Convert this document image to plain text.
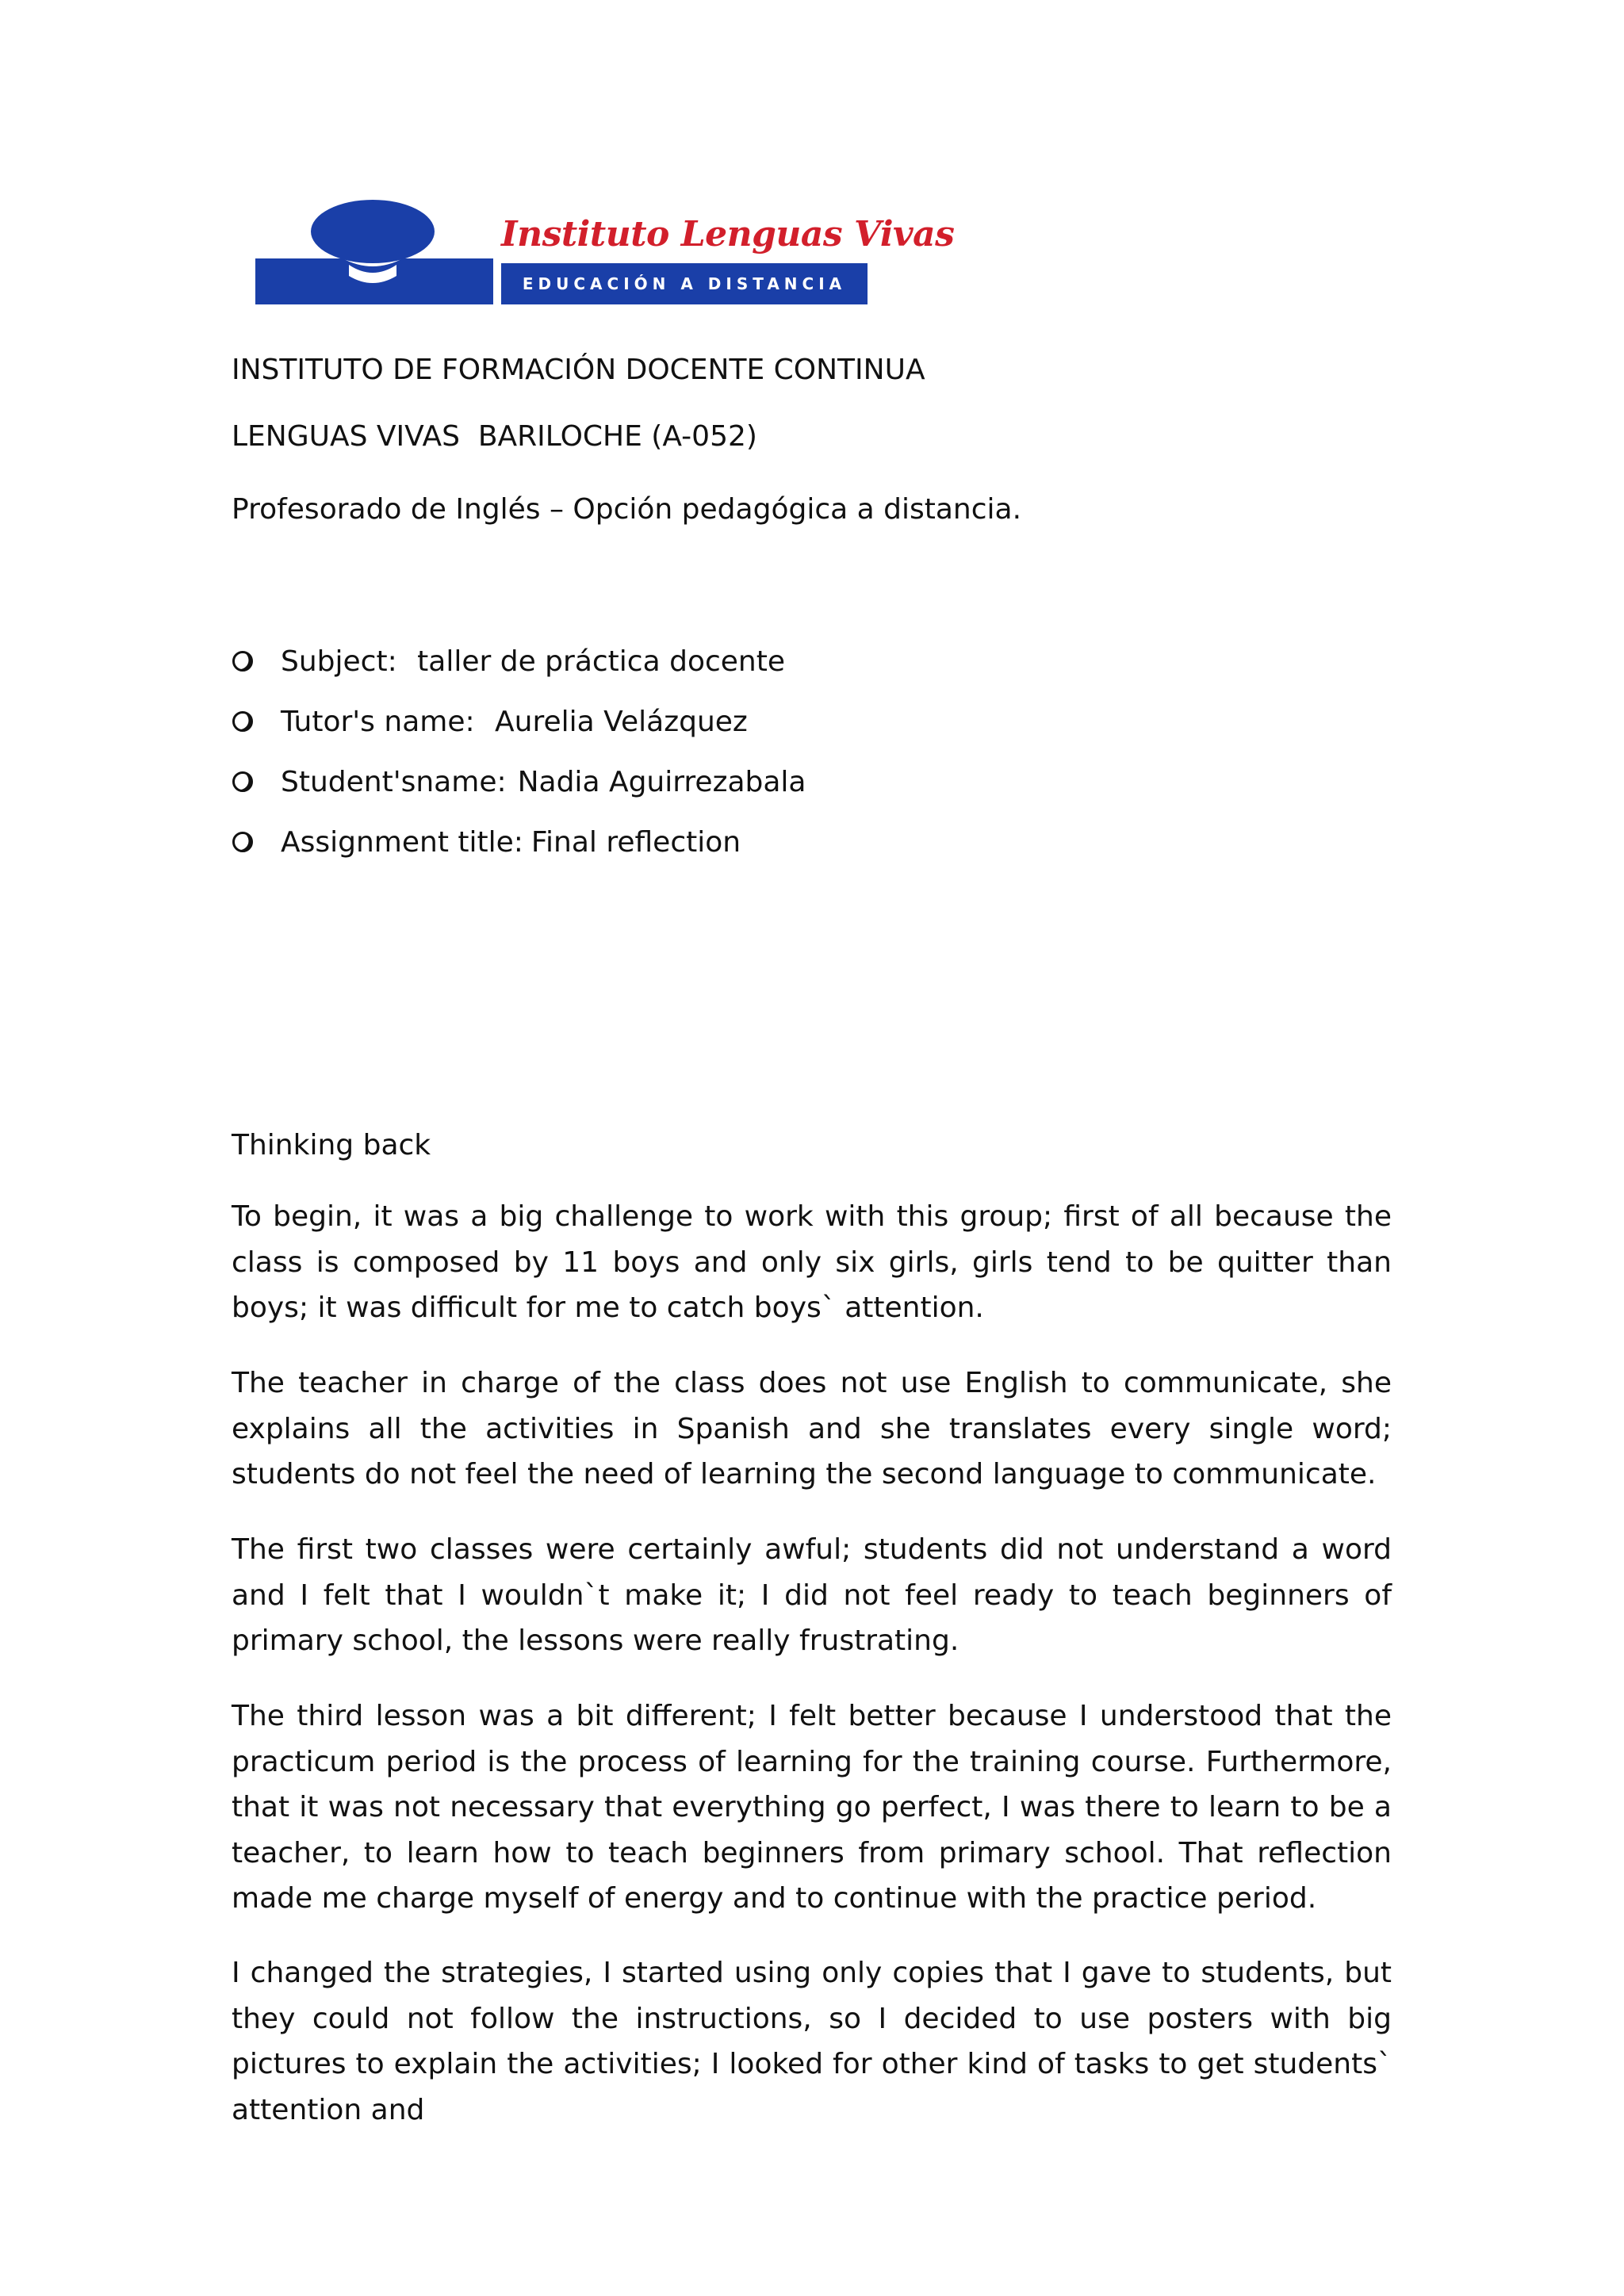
Instituto Lenguas Vivas
EDUCACIÓN A DISTANCIA
INSTITUTO DE FORMACIÓN DOCENTE CONTINUA
LENGUAS VIVAS  BARILOCHE (A-052)
Profesorado de Inglés – Opción pedagógica a distancia.
Subject: taller de práctica docente
Tutor's name: Aurelia Velázquez
Student'sname: Nadia Aguirrezabala
Assignment title: Final reflection
Thinking back

To begin, it was a big challenge to work with this group; first of all because the class is composed by 11 boys and only six girls, girls tend to be quitter than boys; it was difficult for me to catch boys` attention.

The teacher in charge of the class does not use English to communicate, she explains all the activities in Spanish and she translates every single word; students do not feel the need of learning the second language to communicate.

The first two classes were certainly awful; students did not understand a word and I felt that I wouldn`t make it; I did not feel ready to teach beginners of primary school, the lessons were really frustrating.

The third lesson was a bit different; I felt better because I understood that the practicum period is the process of learning for the training course. Furthermore, that it was not necessary that everything go perfect, I was there to learn to be a teacher, to learn how to teach beginners from primary school. That reflection made me charge myself of energy and to continue with the practice period.

I changed the strategies, I started using only copies that I gave to students, but they could not follow the instructions, so I decided to use posters with big pictures to explain the activities; I looked for other kind of tasks to get students` attention and
